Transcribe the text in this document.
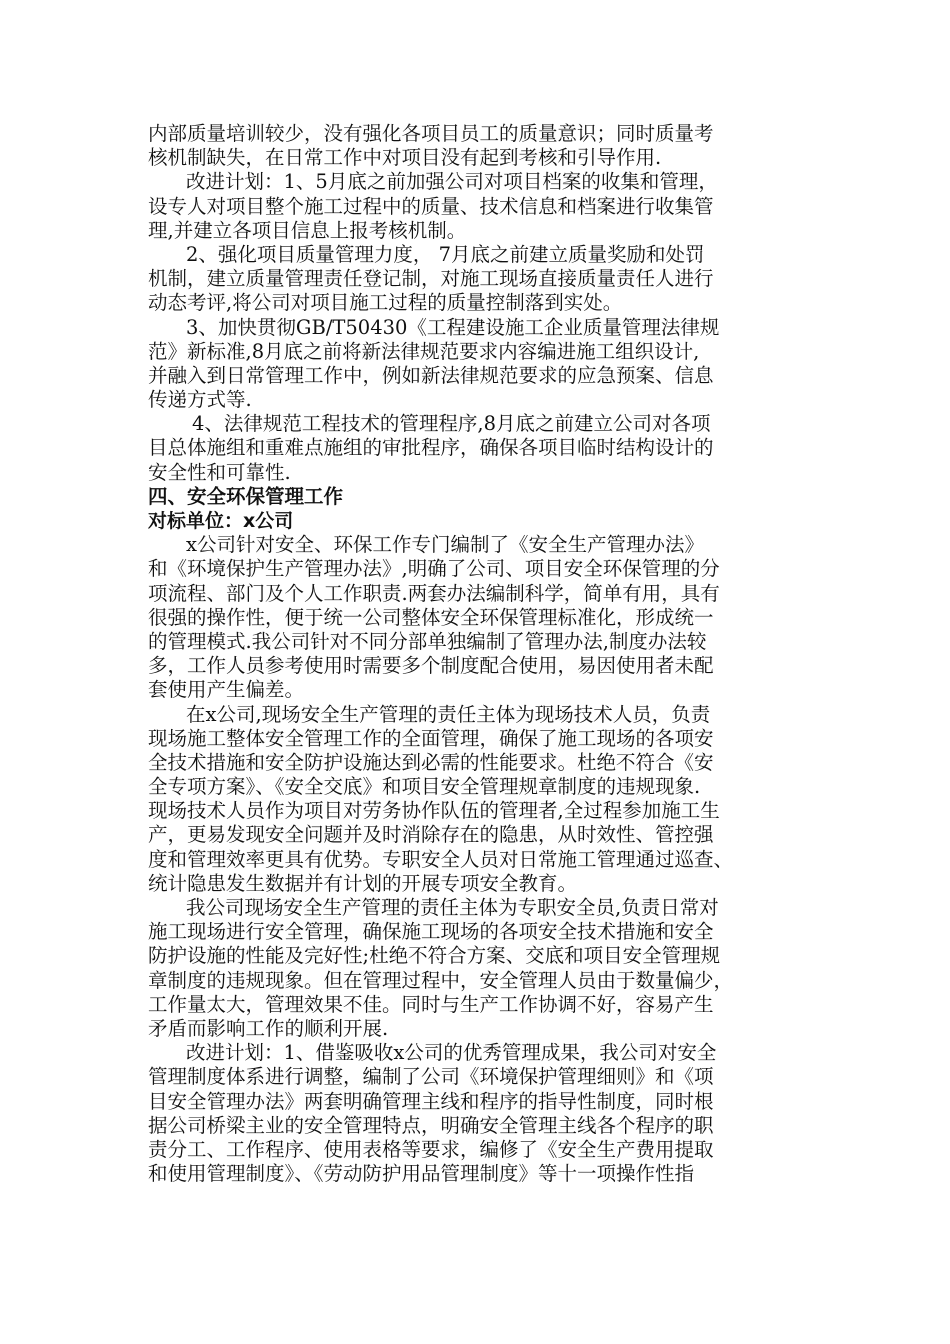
内部质量培训较少，没有强化各项目员工的质量意识；同时质量考
核机制缺失，在日常工作中对项目没有起到考核和引导作用.
改进计划：1、5月底之前加强公司对项目档案的收集和管理，
设专人对项目整个施工过程中的质量、技术信息和档案进行收集管
理,并建立各项目信息上报考核机制。
2、强化项目质量管理力度， 7月底之前建立质量奖励和处罚
机制，建立质量管理责任登记制，对施工现场直接质量责任人进行
动态考评,将公司对项目施工过程的质量控制落到实处。
3、加快贯彻GB/T50430《工程建设施工企业质量管理法律规
范》新标准,8月底之前将新法律规范要求内容编进施工组织设计,
并融入到日常管理工作中，例如新法律规范要求的应急预案、信息
传递方式等.
4、法律规范工程技术的管理程序,8月底之前建立公司对各项
目总体施组和重难点施组的审批程序，确保各项目临时结构设计的
安全性和可靠性.
四、安全环保管理工作
对标单位：x公司
x公司针对安全、环保工作专门编制了《安全生产管理办法》
和《环境保护生产管理办法》,明确了公司、项目安全环保管理的分
项流程、部门及个人工作职责.两套办法编制科学，简单有用，具有
很强的操作性，便于统一公司整体安全环保管理标准化，形成统一
的管理模式.我公司针对不同分部单独编制了管理办法,制度办法较
多，工作人员参考使用时需要多个制度配合使用，易因使用者未配
套使用产生偏差。
在x公司,现场安全生产管理的责任主体为现场技术人员，负责
现场施工整体安全管理工作的全面管理，确保了施工现场的各项安
全技术措施和安全防护设施达到必需的性能要求。杜绝不符合《安
全专项方案》、《安全交底》和项目安全管理规章制度的违规现象.
现场技术人员作为项目对劳务协作队伍的管理者,全过程参加施工生
产，更易发现安全问题并及时消除存在的隐患，从时效性、管控强
度和管理效率更具有优势。专职安全人员对日常施工管理通过巡查、
统计隐患发生数据并有计划的开展专项安全教育。
我公司现场安全生产管理的责任主体为专职安全员,负责日常对
施工现场进行安全管理，确保施工现场的各项安全技术措施和安全
防护设施的性能及完好性;杜绝不符合方案、交底和项目安全管理规
章制度的违规现象。但在管理过程中，安全管理人员由于数量偏少，
工作量太大，管理效果不佳。同时与生产工作协调不好，容易产生
矛盾而影响工作的顺利开展.
改进计划：1、借鉴吸收x公司的优秀管理成果，我公司对安全
管理制度体系进行调整，编制了公司《环境保护管理细则》和《项
目安全管理办法》两套明确管理主线和程序的指导性制度，同时根
据公司桥梁主业的安全管理特点，明确安全管理主线各个程序的职
责分工、工作程序、使用表格等要求，编修了《安全生产费用提取
和使用管理制度》、《劳动防护用品管理制度》等十一项操作性指
